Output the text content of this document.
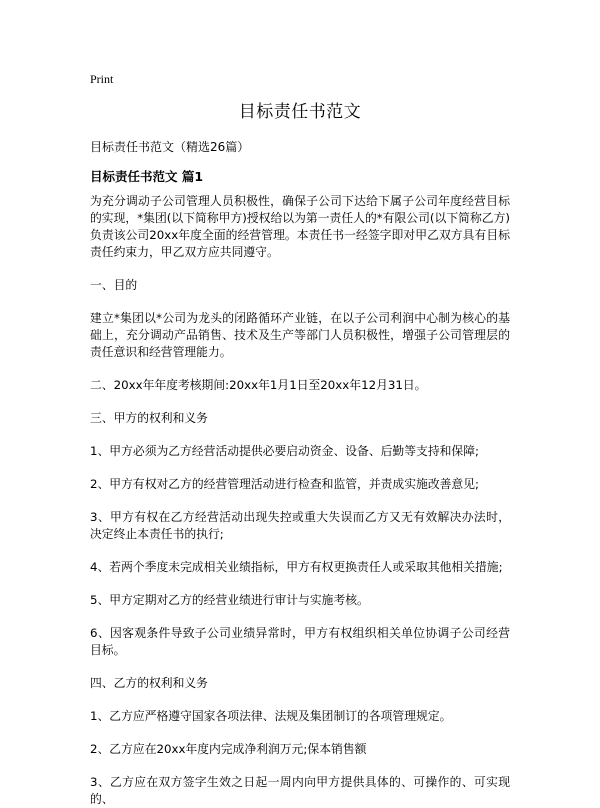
Print
目标责任书范文
目标责任书范文（精选26篇）
目标责任书范文 篇1

为充分调动子公司管理人员积极性，确保子公司下达给下属子公司年度经营目标的实现，*集团(以下简称甲方)授权给以为第一责任人的*有限公司(以下简称乙方)负责该公司20xx年度全面的经营管理。本责任书一经签字即对甲乙双方具有目标责任约束力，甲乙双方应共同遵守。

一、目的

建立*集团以*公司为龙头的闭路循环产业链，在以子公司利润中心制为核心的基础上，充分调动产品销售、技术及生产等部门人员积极性，增强子公司管理层的责任意识和经营管理能力。

二、20xx年年度考核期间:20xx年1月1日至20xx年12月31日。

三、甲方的权利和义务

1、甲方必须为乙方经营活动提供必要启动资金、设备、后勤等支持和保障;

2、甲方有权对乙方的经营管理活动进行检查和监管，并责成实施改善意见;

3、甲方有权在乙方经营活动出现失控或重大失误而乙方又无有效解决办法时，决定终止本责任书的执行;

4、若两个季度未完成相关业绩指标，甲方有权更换责任人或采取其他相关措施;

5、甲方定期对乙方的经营业绩进行审计与实施考核。

6、因客观条件导致子公司业绩异常时，甲方有权组织相关单位协调子公司经营目标。

四、乙方的权利和义务

1、乙方应严格遵守国家各项法律、法规及集团制订的各项管理规定。

2、乙方应在20xx年度内完成净利润万元;保本销售额

3、乙方应在双方签字生效之日起一周内向甲方提供具体的、可操作的、可实现的、
